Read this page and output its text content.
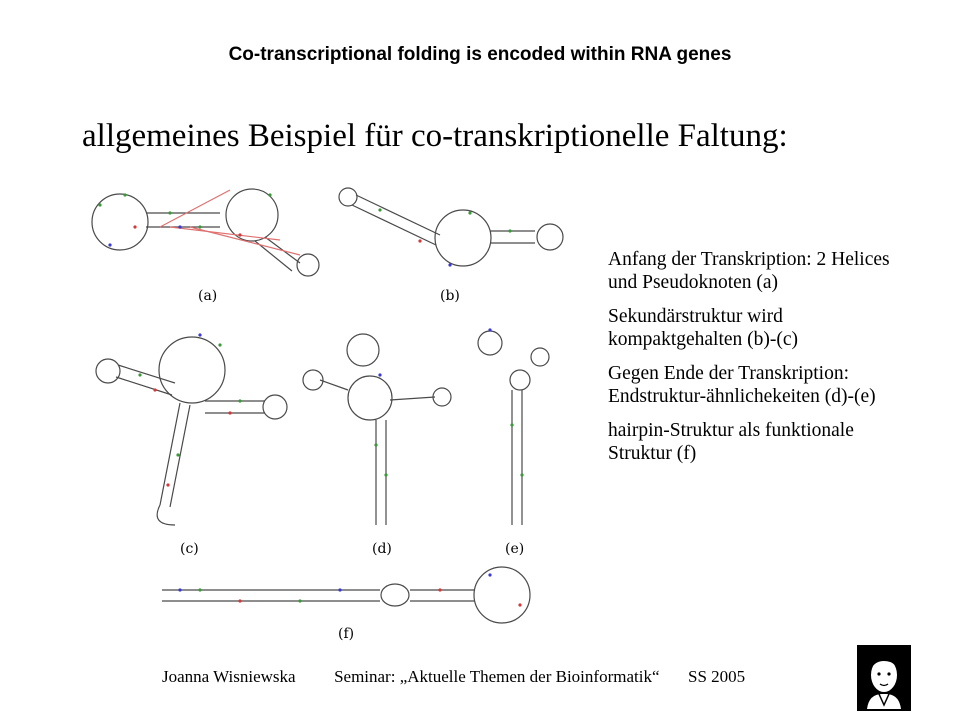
Co-transcriptional folding is encoded within RNA genes
allgemeines Beispiel für co-transkriptionelle Faltung:
(a)	(b)
(c)	(d)	(e)
(f)

Anfang der Transkription: 2 Helices und Pseudoknoten (a)

Sekundärstruktur wird kompaktgehalten (b)-(c)

Gegen Ende der Transkription: Endstruktur-ähnlichekeiten (d)-(e)

hairpin-Struktur als funktionale Struktur (f)

Joanna Wisniewska Seminar: „Aktuelle Themen der Bioinformatik“ SS 2005
